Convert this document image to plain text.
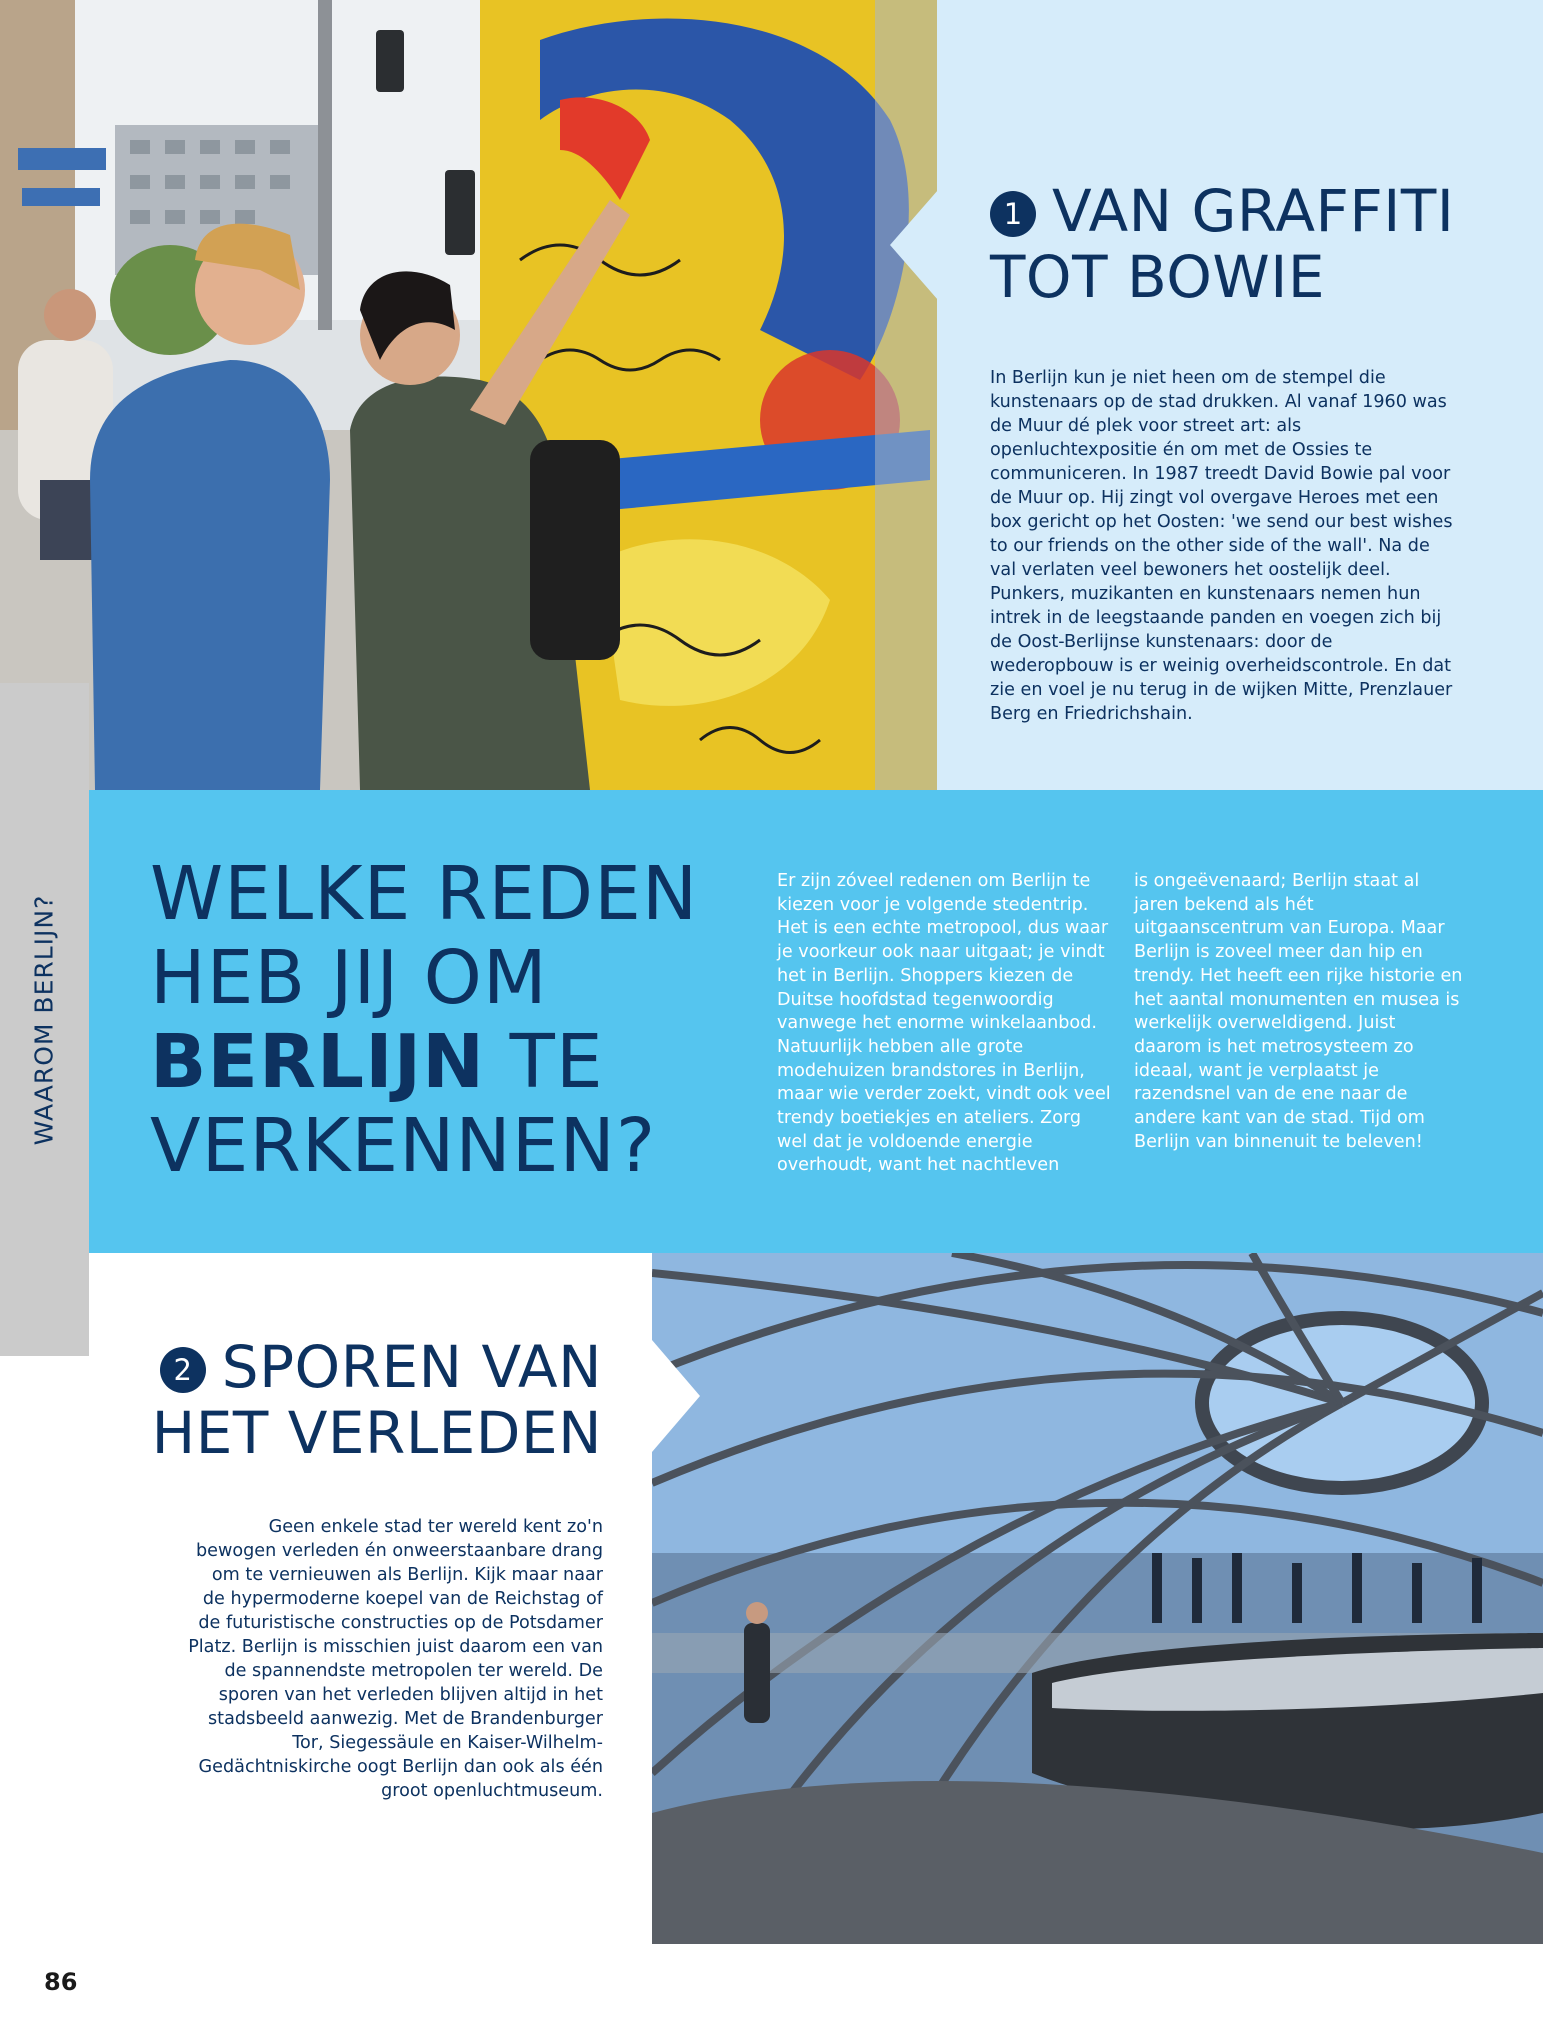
1 VAN GRAFFITI TOT BOWIE

In Berlijn kun je niet heen om de stempel die kunstenaars op de stad drukken. Al vanaf 1960 was de Muur dé plek voor street art: als openluchtexpositie én om met de Ossies te communiceren. In 1987 treedt David Bowie pal voor de Muur op. Hij zingt vol overgave Heroes met een box gericht op het Oosten: 'we send our best wishes to our friends on the other side of the wall'. Na de val verlaten veel bewoners het oostelijk deel. Punkers, muzikanten en kunstenaars nemen hun intrek in de leegstaande panden en voegen zich bij de Oost-Berlijnse kunstenaars: door de wederopbouw is er weinig overheidscontrole. En dat zie en voel je nu terug in de wijken Mitte, Prenzlauer Berg en Friedrichshain.

WAAROM BERLIJN?
WELKE REDEN HEB JIJ OM BERLIJN TE VERKENNEN?

Er zijn zóveel redenen om Berlijn te kiezen voor je volgende stedentrip. Het is een echte metropool, dus waar je voorkeur ook naar uitgaat; je vindt het in Berlijn. Shoppers kiezen de Duitse hoofdstad tegenwoordig vanwege het enorme winkelaanbod. Natuurlijk hebben alle grote modehuizen brandstores in Berlijn, maar wie verder zoekt, vindt ook veel trendy boetiekjes en ateliers. Zorg wel dat je voldoende energie overhoudt, want het nachtleven

is ongeëvenaard; Berlijn staat al jaren bekend als hét uitgaanscentrum van Europa. Maar Berlijn is zoveel meer dan hip en trendy. Het heeft een rijke historie en het aantal monumenten en musea is werkelijk overweldigend. Juist daarom is het metrosysteem zo ideaal, want je verplaatst je razendsnel van de ene naar de andere kant van de stad. Tijd om Berlijn van binnenuit te beleven!

2 SPOREN VAN HET VERLEDEN

Geen enkele stad ter wereld kent zo'n bewogen verleden én onweerstaanbare drang om te vernieuwen als Berlijn. Kijk maar naar de hypermoderne koepel van de Reichstag of de futuristische constructies op de Potsdamer Platz. Berlijn is misschien juist daarom een van de spannendste metropolen ter wereld. De sporen van het verleden blijven altijd in het stadsbeeld aanwezig. Met de Brandenburger Tor, Siegessäule en Kaiser-Wilhelm-Gedächtniskirche oogt Berlijn dan ook als één groot openluchtmuseum.

86
